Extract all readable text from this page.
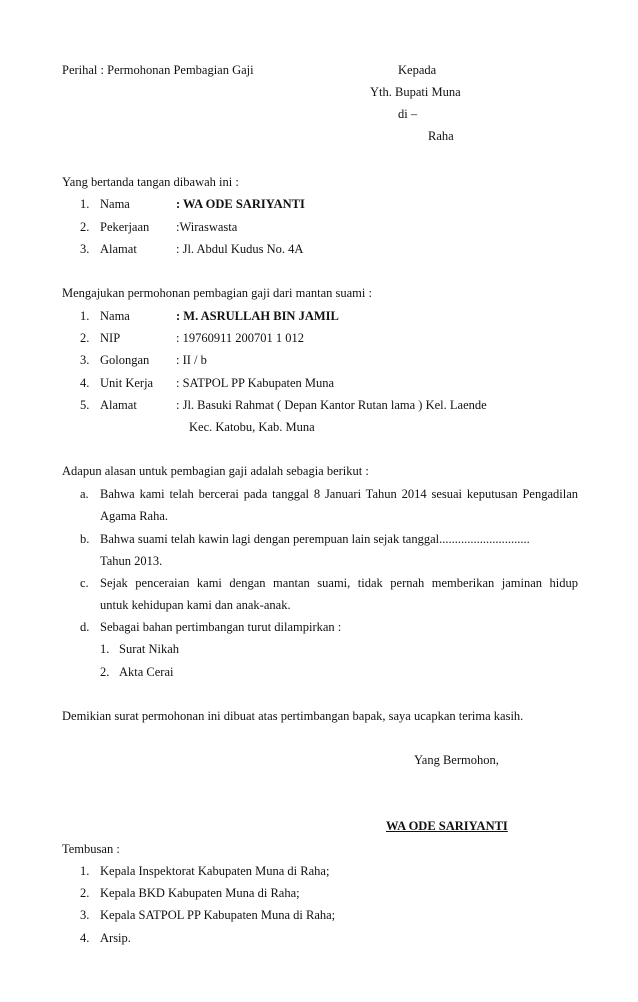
Perihal : Permohonan Pembagian Gaji	Kepada
Yth. Bupati Muna
di –
Raha
Yang bertanda tangan dibawah ini :
1. Nama	: WA ODE SARIYANTI
2. Pekerjaan :Wiraswasta
3. Alamat	: Jl. Abdul Kudus No. 4A
Mengajukan permohonan pembagian gaji dari mantan suami :
1. Nama	: M. ASRULLAH BIN JAMIL
2. NIP	: 19760911 200701 1 012
3. Golongan : II / b
4. Unit Kerja : SATPOL PP Kabupaten Muna
5. Alamat	: Jl. Basuki Rahmat ( Depan Kantor Rutan lama ) Kel. Laende
Kec. Katobu, Kab. Muna
Adapun alasan untuk pembagian gaji adalah sebagia berikut :
a. Bahwa kami telah bercerai pada tanggal 8 Januari Tahun 2014 sesuai keputusan Pengadilan
Agama Raha.
b. Bahwa suami telah kawin lagi dengan perempuan lain sejak tanggal.............................
Tahun 2013.
c. Sejak penceraian kami dengan mantan suami, tidak pernah memberikan jaminan hidup
untuk kehidupan kami dan anak-anak.
d. Sebagai bahan pertimbangan turut dilampirkan :
1. Surat Nikah
2. Akta Cerai
Demikian surat permohonan ini dibuat atas pertimbangan bapak, saya ucapkan terima kasih.
Yang Bermohon,
WA ODE SARIYANTI
Tembusan :
1. Kepala Inspektorat Kabupaten Muna di Raha;
2. Kepala BKD Kabupaten Muna di Raha;
3. Kepala SATPOL PP Kabupaten Muna di Raha;
4. Arsip.
